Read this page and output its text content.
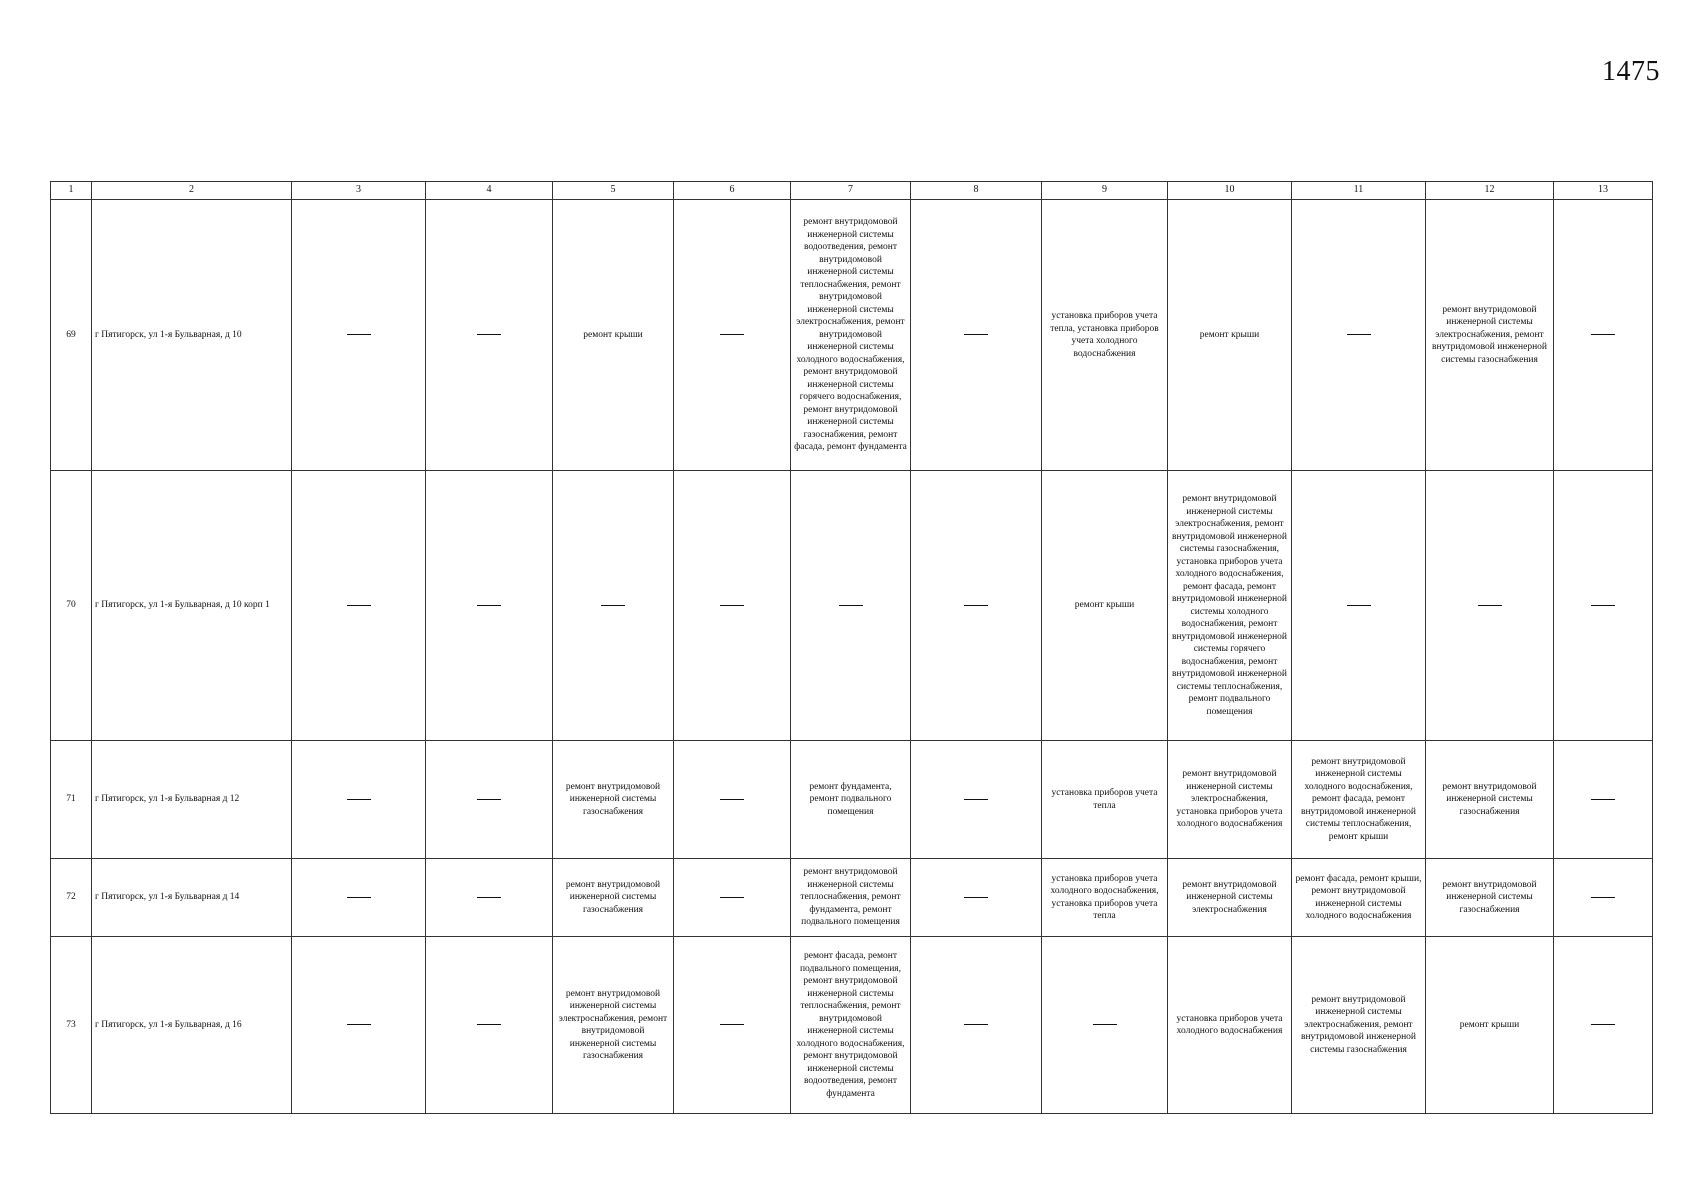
1475
1	2	3	4	5	6	7	8	9	10	11	12	13

69	г Пятигорск, ул 1-я Бульварная, д 10			ремонт крыши		ремонт внутридомовой инженерной системы водоотведения, ремонт внутридомовой инженерной системы теплоснабжения, ремонт внутридомовой инженерной системы электроснабжения, ремонт внутридомовой инженерной системы холодного водоснабжения, ремонт внутридомовой инженерной системы горячего водоснабжения, ремонт внутридомовой инженерной системы газоснабжения, ремонт фасада, ремонт фундамента		установка приборов учета тепла, установка приборов учета холодного водоснабжения	ремонт крыши		ремонт внутридомовой инженерной системы электроснабжения, ремонт внутридомовой инженерной системы газоснабжения	

70	г Пятигорск, ул 1-я Бульварная, д 10 корп 1							ремонт крыши	ремонт внутридомовой инженерной системы электроснабжения, ремонт внутридомовой инженерной системы газоснабжения, установка приборов учета холодного водоснабжения, ремонт фасада, ремонт внутридомовой инженерной системы холодного водоснабжения, ремонт внутридомовой инженерной системы горячего водоснабжения, ремонт внутридомовой инженерной системы теплоснабжения, ремонт подвального помещения			

71	г Пятигорск, ул 1-я Бульварная д 12			ремонт внутридомовой инженерной системы газоснабжения		ремонт фундамента, ремонт подвального помещения		установка приборов учета тепла	ремонт внутридомовой инженерной системы электроснабжения, установка приборов учета холодного водоснабжения	ремонт внутридомовой инженерной системы холодного водоснабжения, ремонт фасада, ремонт внутридомовой инженерной системы теплоснабжения, ремонт крыши	ремонт внутридомовой инженерной системы газоснабжения	

72	г Пятигорск, ул 1-я Бульварная д 14			ремонт внутридомовой инженерной системы газоснабжения		ремонт внутридомовой инженерной системы теплоснабжения, ремонт фундамента, ремонт подвального помещения		установка приборов учета холодного водоснабжения, установка приборов учета тепла	ремонт внутридомовой инженерной системы электроснабжения	ремонт фасада, ремонт крыши, ремонт внутридомовой инженерной системы холодного водоснабжения	ремонт внутридомовой инженерной системы газоснабжения	

73	г Пятигорск, ул 1-я Бульварная, д 16			ремонт внутридомовой инженерной системы электроснабжения, ремонт внутридомовой инженерной системы газоснабжения		ремонт фасада, ремонт подвального помещения, ремонт внутридомовой инженерной системы теплоснабжения, ремонт внутридомовой инженерной системы холодного водоснабжения, ремонт внутридомовой инженерной системы водоотведения, ремонт фундамента			установка приборов учета холодного водоснабжения	ремонт внутридомовой инженерной системы электроснабжения, ремонт внутридомовой инженерной системы газоснабжения	ремонт крыши	
